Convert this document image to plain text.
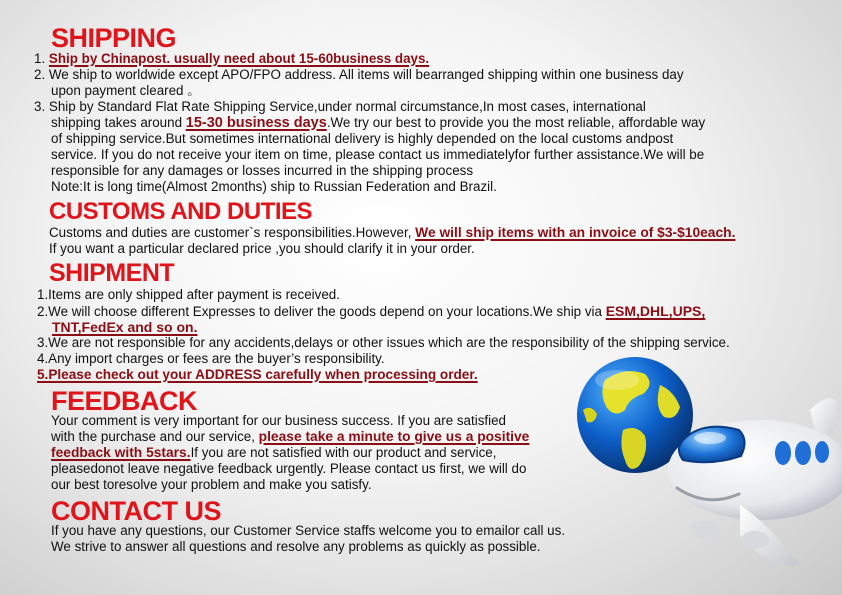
SHIPPING
1. Ship by Chinapost. usually need about 15-60business days.
2. We ship to worldwide except APO/FPO address. All items will bearranged shipping within one business day
upon payment cleared 。
3. Ship by Standard Flat Rate Shipping Service,under normal circumstance,In most cases, international
shipping takes around 15-30 business days.We try our best to provide you the most reliable, affordable way
of shipping service.But sometimes international delivery is highly depended on the local customs andpost
service. If you do not receive your item on time, please contact us immediatelyfor further assistance.We will be
responsible for any damages or losses incurred in the shipping process
Note:It is long time(Almost 2months) ship to Russian Federation and Brazil.
CUSTOMS AND DUTIES
Customs and duties are customer`s responsibilities.However, We will ship items with an invoice of $3-$10each.
If you want a particular declared price ,you should clarify it in your order.
SHIPMENT
1.Items are only shipped after payment is received.
2.We will choose different Expresses to deliver the goods depend on your locations.We ship via ESM,DHL,UPS,
TNT,FedEx and so on.
3.We are not responsible for any accidents,delays or other issues which are the responsibility of the shipping service.
4.Any import charges or fees are the buyer’s responsibility.
5.Please check out your ADDRESS carefully when processing order.
FEEDBACK
Your comment is very important for our business success. If you are satisfied
with the purchase and our service, please take a minute to give us a positive
feedback with 5stars.If you are not satisfied with our product and service,
pleasedonot leave negative feedback urgently. Please contact us first, we will do
our best toresolve your problem and make you satisfy.
CONTACT US
If you have any questions, our Customer Service staffs welcome you to emailor call us.
We strive to answer all questions and resolve any problems as quickly as possible.
